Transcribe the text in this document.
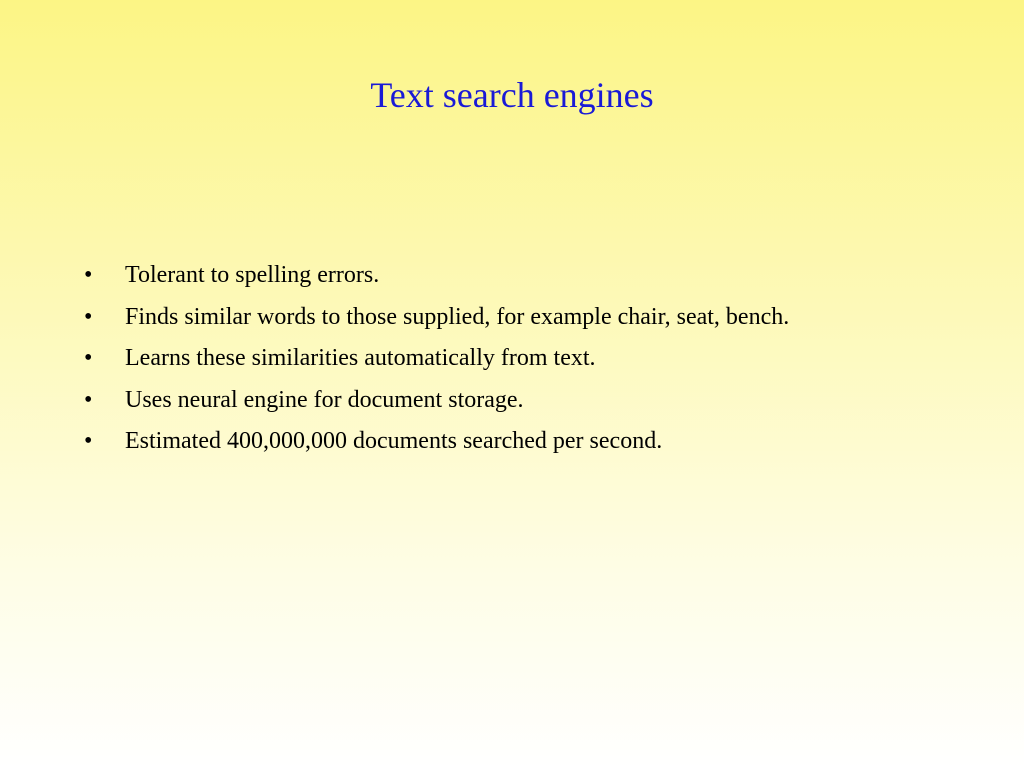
Text search engines
• Tolerant to spelling errors.
• Finds similar words to those supplied, for example chair, seat, bench.
• Learns these similarities automatically from text.
• Uses neural engine for document storage.
• Estimated 400,000,000 documents searched per second.
